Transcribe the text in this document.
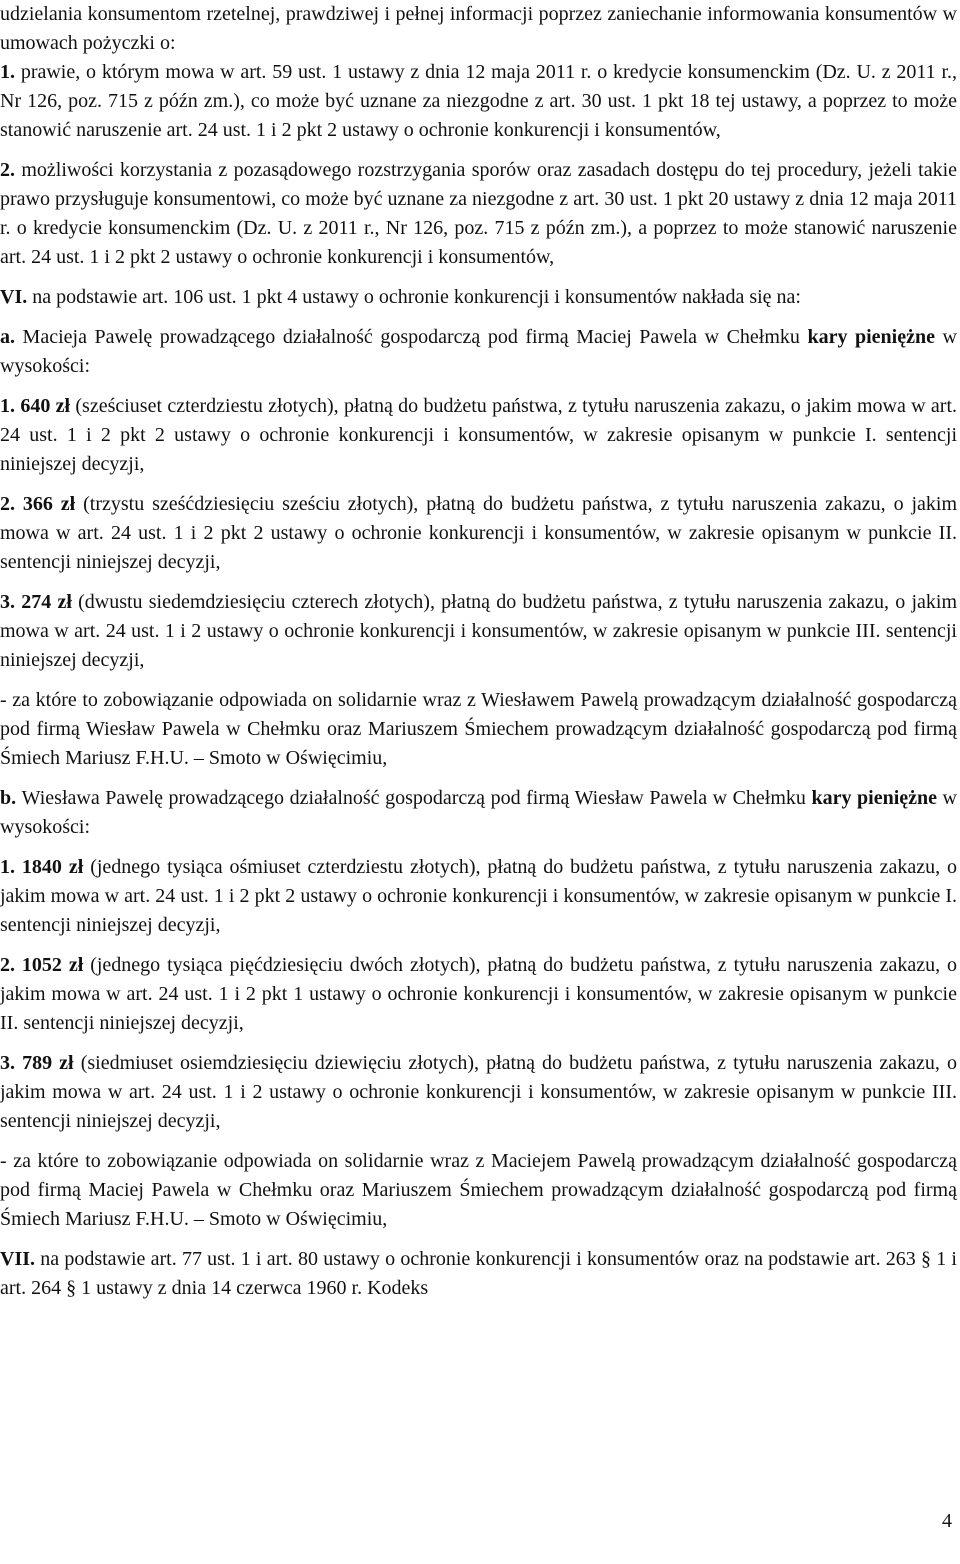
udzielania konsumentom rzetelnej, prawdziwej i pełnej informacji poprzez zaniechanie informowania konsumentów w umowach pożyczki o:

1. prawie, o którym mowa w art. 59 ust. 1 ustawy z dnia 12 maja 2011 r. o kredycie konsumenckim (Dz. U. z 2011 r., Nr 126, poz. 715 z późn zm.), co może być uznane za niezgodne z art. 30 ust. 1 pkt 18 tej ustawy, a poprzez to może stanowić naruszenie art. 24 ust. 1 i 2 pkt 2 ustawy o ochronie konkurencji i konsumentów,

2. możliwości korzystania z pozasądowego rozstrzygania sporów oraz zasadach dostępu do tej procedury, jeżeli takie prawo przysługuje konsumentowi, co może być uznane za niezgodne z art. 30 ust. 1 pkt 20 ustawy z dnia 12 maja 2011 r. o kredycie konsumenckim (Dz. U. z 2011 r., Nr 126, poz. 715 z późn zm.), a poprzez to może stanowić naruszenie art. 24 ust. 1 i 2 pkt 2 ustawy o ochronie konkurencji i konsumentów,

VI. na podstawie art. 106 ust. 1 pkt 4 ustawy o ochronie konkurencji i konsumentów nakłada się na:

a. Macieja Pawelę prowadzącego działalność gospodarczą pod firmą Maciej Pawela w Chełmku kary pieniężne w wysokości:

1. 640 zł (sześciuset czterdziestu złotych), płatną do budżetu państwa, z tytułu naruszenia zakazu, o jakim mowa w art. 24 ust. 1 i 2 pkt 2 ustawy o ochronie konkurencji i konsumentów, w zakresie opisanym w punkcie I. sentencji niniejszej decyzji,

2. 366 zł (trzystu sześćdziesięciu sześciu złotych), płatną do budżetu państwa, z tytułu naruszenia zakazu, o jakim mowa w art. 24 ust. 1 i 2 pkt 2 ustawy o ochronie konkurencji i konsumentów, w zakresie opisanym w punkcie II. sentencji niniejszej decyzji,

3. 274 zł (dwustu siedemdziesięciu czterech złotych), płatną do budżetu państwa, z tytułu naruszenia zakazu, o jakim mowa w art. 24 ust. 1 i 2 ustawy o ochronie konkurencji i konsumentów, w zakresie opisanym w punkcie III. sentencji niniejszej decyzji,

- za które to zobowiązanie odpowiada on solidarnie wraz z Wiesławem Pawelą prowadzącym działalność gospodarczą pod firmą Wiesław Pawela w Chełmku oraz Mariuszem Śmiechem prowadzącym działalność gospodarczą pod firmą Śmiech Mariusz F.H.U. – Smoto w Oświęcimiu,

b. Wiesława Pawelę prowadzącego działalność gospodarczą pod firmą Wiesław Pawela w Chełmku kary pieniężne w wysokości:

1. 1840 zł (jednego tysiąca ośmiuset czterdziestu złotych), płatną do budżetu państwa, z tytułu naruszenia zakazu, o jakim mowa w art. 24 ust. 1 i 2 pkt 2 ustawy o ochronie konkurencji i konsumentów, w zakresie opisanym w punkcie I. sentencji niniejszej decyzji,

2. 1052 zł (jednego tysiąca pięćdziesięciu dwóch złotych), płatną do budżetu państwa, z tytułu naruszenia zakazu, o jakim mowa w art. 24 ust. 1 i 2 pkt 1 ustawy o ochronie konkurencji i konsumentów, w zakresie opisanym w punkcie II. sentencji niniejszej decyzji,

3. 789 zł (siedmiuset osiemdziesięciu dziewięciu złotych), płatną do budżetu państwa, z tytułu naruszenia zakazu, o jakim mowa w art. 24 ust. 1 i 2 ustawy o ochronie konkurencji i konsumentów, w zakresie opisanym w punkcie III. sentencji niniejszej decyzji,

- za które to zobowiązanie odpowiada on solidarnie wraz z Maciejem Pawelą prowadzącym działalność gospodarczą pod firmą Maciej Pawela w Chełmku oraz Mariuszem Śmiechem prowadzącym działalność gospodarczą pod firmą Śmiech Mariusz F.H.U. – Smoto w Oświęcimiu,

VII. na podstawie art. 77 ust. 1 i art. 80 ustawy o ochronie konkurencji i konsumentów oraz na podstawie art. 263 § 1 i art. 264 § 1 ustawy z dnia 14 czerwca 1960 r. Kodeks

4
